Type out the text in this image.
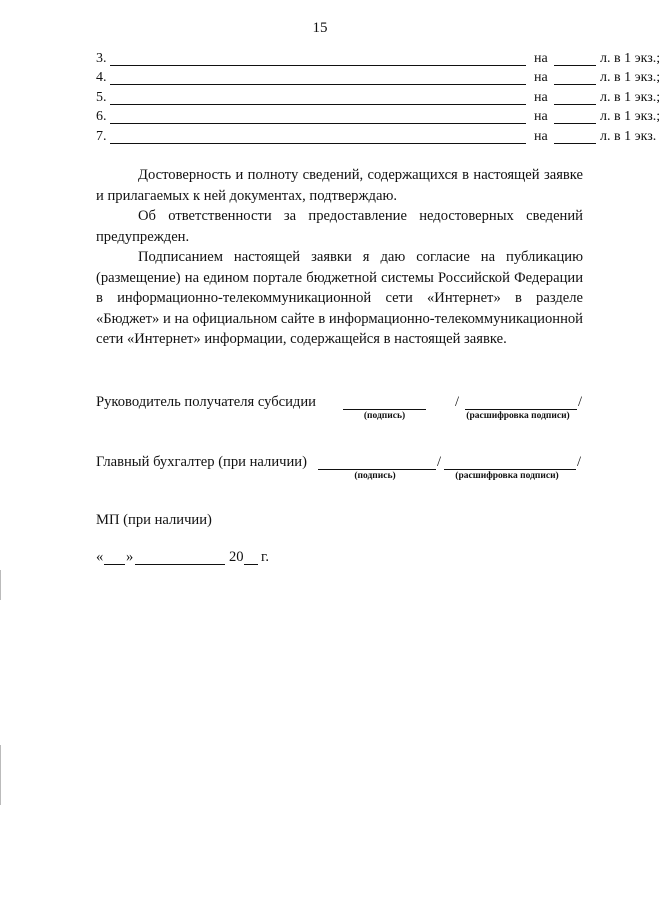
15
3.	на	л. в 1 экз.;
4.	на	л. в 1 экз.;
5.	на	л. в 1 экз.;
6.	на	л. в 1 экз.;
7.	на	л. в 1 экз.

Достоверность и полноту сведений, содержащихся в настоящей заявке и прилагаемых к ней документах, подтверждаю.

Об ответственности за предоставление недостоверных сведений предупрежден.

Подписанием настоящей заявки я даю согласие на публикацию (размещение) на едином портале бюджетной системы Российской Федерации в информационно-телекоммуникационной сети «Интернет» в разделе «Бюджет» и на официальном сайте в информационно-телекоммуникационной сети «Интернет» информации, содержащейся в настоящей заявке.

Руководитель получателя субсидии	/	/
(подпись)	(расшифровка подписи)
Главный бухгалтер (при наличии)	/	/
(подпись)	(расшифровка подписи)
МП (при наличии)
« »	20 г.
